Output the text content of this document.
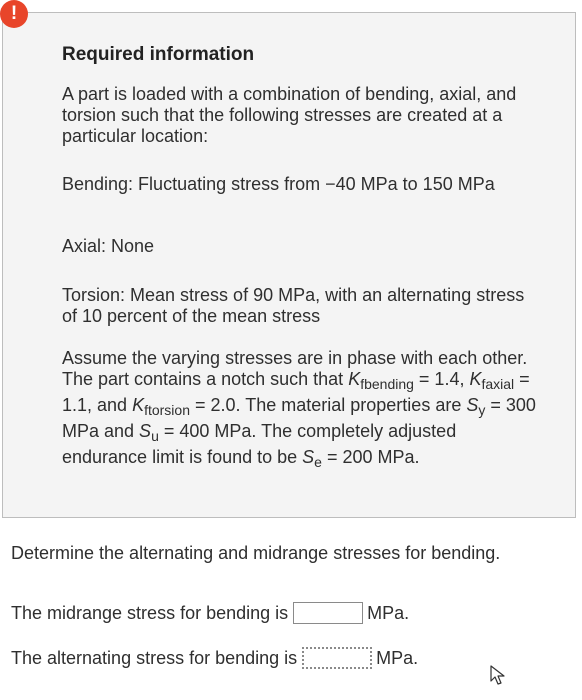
!
Required information
A part is loaded with a combination of bending, axial, and torsion such that the following stresses are created at a particular location:
Bending: Fluctuating stress from −40 MPa to 150 MPa
Axial: None
Torsion: Mean stress of 90 MPa, with an alternating stress of 10 percent of the mean stress
Assume the varying stresses are in phase with each other. The part contains a notch such that $K_{fbending} = 1.4$, $K_{faxial} = 1.1$, and $K_{ftorsion} = 2.0$. The material properties are $S_y = 300$ MPa and $S_u = 400$ MPa. The completely adjusted endurance limit is found to be $S_e = 200$ MPa.
Determine the alternating and midrange stresses for bending.
The midrange stress for bending is	MPa.
The alternating stress for bending is	MPa.
